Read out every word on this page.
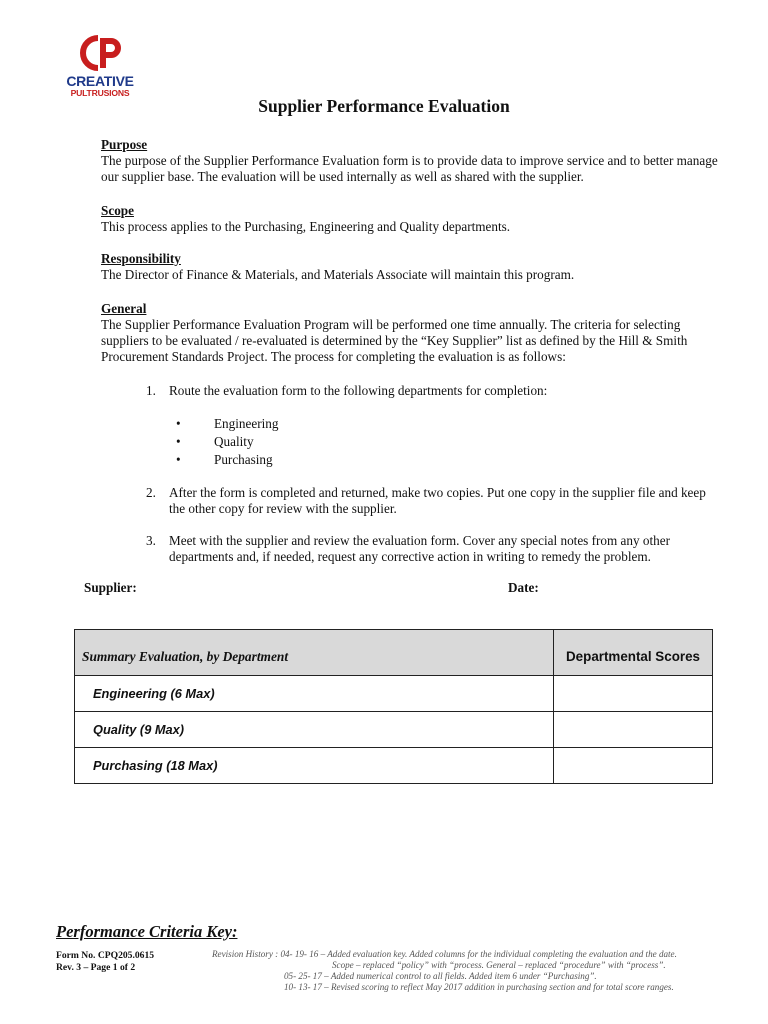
CREATIVE
PULTRUSIONS
Supplier Performance Evaluation
Purpose
The purpose of the Supplier Performance Evaluation form is to provide data to improve service and to better manage our supplier base. The evaluation will be used internally as well as shared with the supplier.
Scope
This process applies to the Purchasing, Engineering and Quality departments.
Responsibility
The Director of Finance & Materials, and Materials Associate will maintain this program.
General
The Supplier Performance Evaluation Program will be performed one time annually. The criteria for selecting suppliers to be evaluated / re-evaluated is determined by the “Key Supplier” list as defined by the Hill & Smith Procurement Standards Project. The process for completing the evaluation is as follows:
1. Route the evaluation form to the following departments for completion:
•	Engineering
•	Quality
•	Purchasing
2. After the form is completed and returned, make two copies. Put one copy in the supplier file and keep the other copy for review with the supplier.
3. Meet with the supplier and review the evaluation form. Cover any special notes from any other departments and, if needed, request any corrective action in writing to remedy the problem.
Supplier:	Date:
Summary Evaluation, by Department	Departmental Scores
Engineering (6 Max)	
Quality (9 Max)	
Purchasing (18 Max)	
Performance Criteria Key:
Form No. CPQ205.0615
Rev. 3 – Page 1 of 2
Revision History : 04- 19- 16 – Added evaluation key. Added columns for the individual completing the evaluation and the date.
Scope – replaced “policy” with “process. General – replaced “procedure” with “process”.
05- 25- 17 – Added numerical control to all fields. Added item 6 under “Purchasing”.
10- 13- 17 – Revised scoring to reflect May 2017 addition in purchasing section and for total score ranges.
